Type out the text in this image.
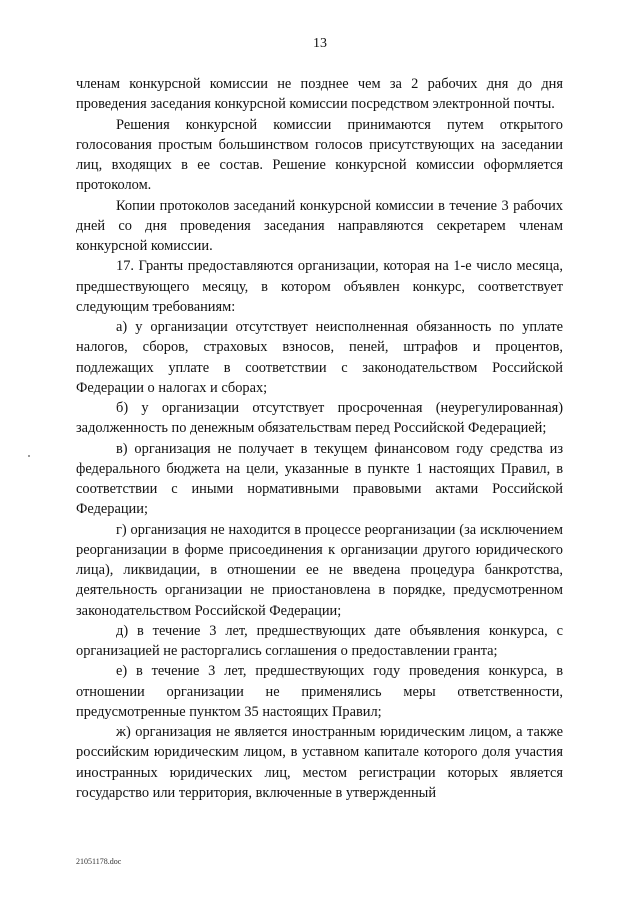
13

членам конкурсной комиссии не позднее чем за 2 рабочих дня до дня проведения заседания конкурсной комиссии посредством электронной почты.

Решения конкурсной комиссии принимаются путем открытого голосования простым большинством голосов присутствующих на заседании лиц, входящих в ее состав. Решение конкурсной комиссии оформляется протоколом.

Копии протоколов заседаний конкурсной комиссии в течение 3 рабочих дней со дня проведения заседания направляются секретарем членам конкурсной комиссии.

17. Гранты предоставляются организации, которая на 1-е число месяца, предшествующего месяцу, в котором объявлен конкурс, соответствует следующим требованиям:

а) у организации отсутствует неисполненная обязанность по уплате налогов, сборов, страховых взносов, пеней, штрафов и процентов, подлежащих уплате в соответствии с законодательством Российской Федерации о налогах и сборах;

б) у организации отсутствует просроченная (неурегулированная) задолженность по денежным обязательствам перед Российской Федерацией;

в) организация не получает в текущем финансовом году средства из федерального бюджета на цели, указанные в пункте 1 настоящих Правил, в соответствии с иными нормативными правовыми актами Российской Федерации;

г) организация не находится в процессе реорганизации (за исключением реорганизации в форме присоединения к организации другого юридического лица), ликвидации, в отношении ее не введена процедура банкротства, деятельность организации не приостановлена в порядке, предусмотренном законодательством Российской Федерации;

д) в течение 3 лет, предшествующих дате объявления конкурса, с организацией не расторгались соглашения о предоставлении гранта;

е) в течение 3 лет, предшествующих году проведения конкурса, в отношении организации не применялись меры ответственности, предусмотренные пунктом 35 настоящих Правил;

ж) организация не является иностранным юридическим лицом, а также российским юридическим лицом, в уставном капитале которого доля участия иностранных юридических лиц, местом регистрации которых является государство или территория, включенные в утвержденный

21051178.doc
